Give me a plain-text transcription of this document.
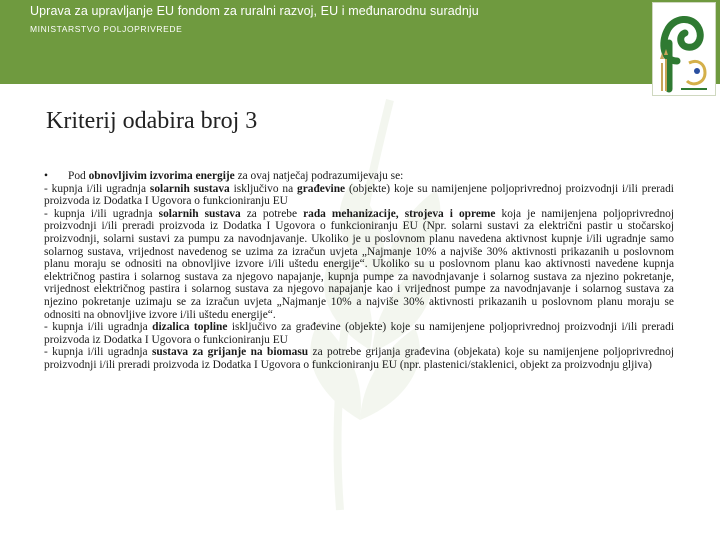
Uprava za upravljanje EU fondom za ruralni razvoj, EU i međunarodnu suradnju
MINISTARSTVO POLJOPRIVREDE
Kriterij odabira broj 3

• Pod obnovljivim izvorima energije za ovaj natječaj podrazumijevaju se:

- kupnja i/ili ugradnja solarnih sustava isključivo na građevine (objekte) koje su namijenjene poljoprivrednoj proizvodnji i/ili preradi proizvoda iz Dodatka I Ugovora o funkcioniranju EU

- kupnja i/ili ugradnja solarnih sustava za potrebe rada mehanizacije, strojeva i opreme koja je namijenjena poljoprivrednoj proizvodnji i/ili preradi proizvoda iz Dodatka I Ugovora o funkcioniranju EU (Npr. solarni sustavi za električni pastir u stočarskoj proizvodnji, solarni sustavi za pumpu za navodnjavanje. Ukoliko je u poslovnom planu navedena aktivnost kupnje i/ili ugradnje samo solarnog sustava, vrijednost navedenog se uzima za izračun uvjeta „Najmanje 10% a najviše 30% aktivnosti prikazanih u poslovnom planu moraju se odnositi na obnovljive izvore i/ili uštedu energije“. Ukoliko su u poslovnom planu kao aktivnosti navedene kupnja električnog pastira i solarnog sustava za njegovo napajanje, kupnja pumpe za navodnjavanje i solarnog sustava za njezino pokretanje, vrijednost električnog pastira i solarnog sustava za njegovo napajanje kao i vrijednost pumpe za navodnjavanje i solarnog sustava za njezino pokretanje uzimaju se za izračun uvjeta „Najmanje 10% a najviše 30% aktivnosti prikazanih u poslovnom planu moraju se odnositi na obnovljive izvore i/ili uštedu energije“.

- kupnja i/ili ugradnja dizalica topline isključivo za građevine (objekte) koje su namijenjene poljoprivrednoj proizvodnji i/ili preradi proizvoda iz Dodatka I Ugovora o funkcioniranju EU

- kupnja i/ili ugradnja sustava za grijanje na biomasu za potrebe grijanja građevina (objekata) koje su namijenjene poljoprivrednoj proizvodnji i/ili preradi proizvoda iz Dodatka I Ugovora o funkcioniranju EU (npr. plastenici/staklenici, objekt za proizvodnju gljiva)
